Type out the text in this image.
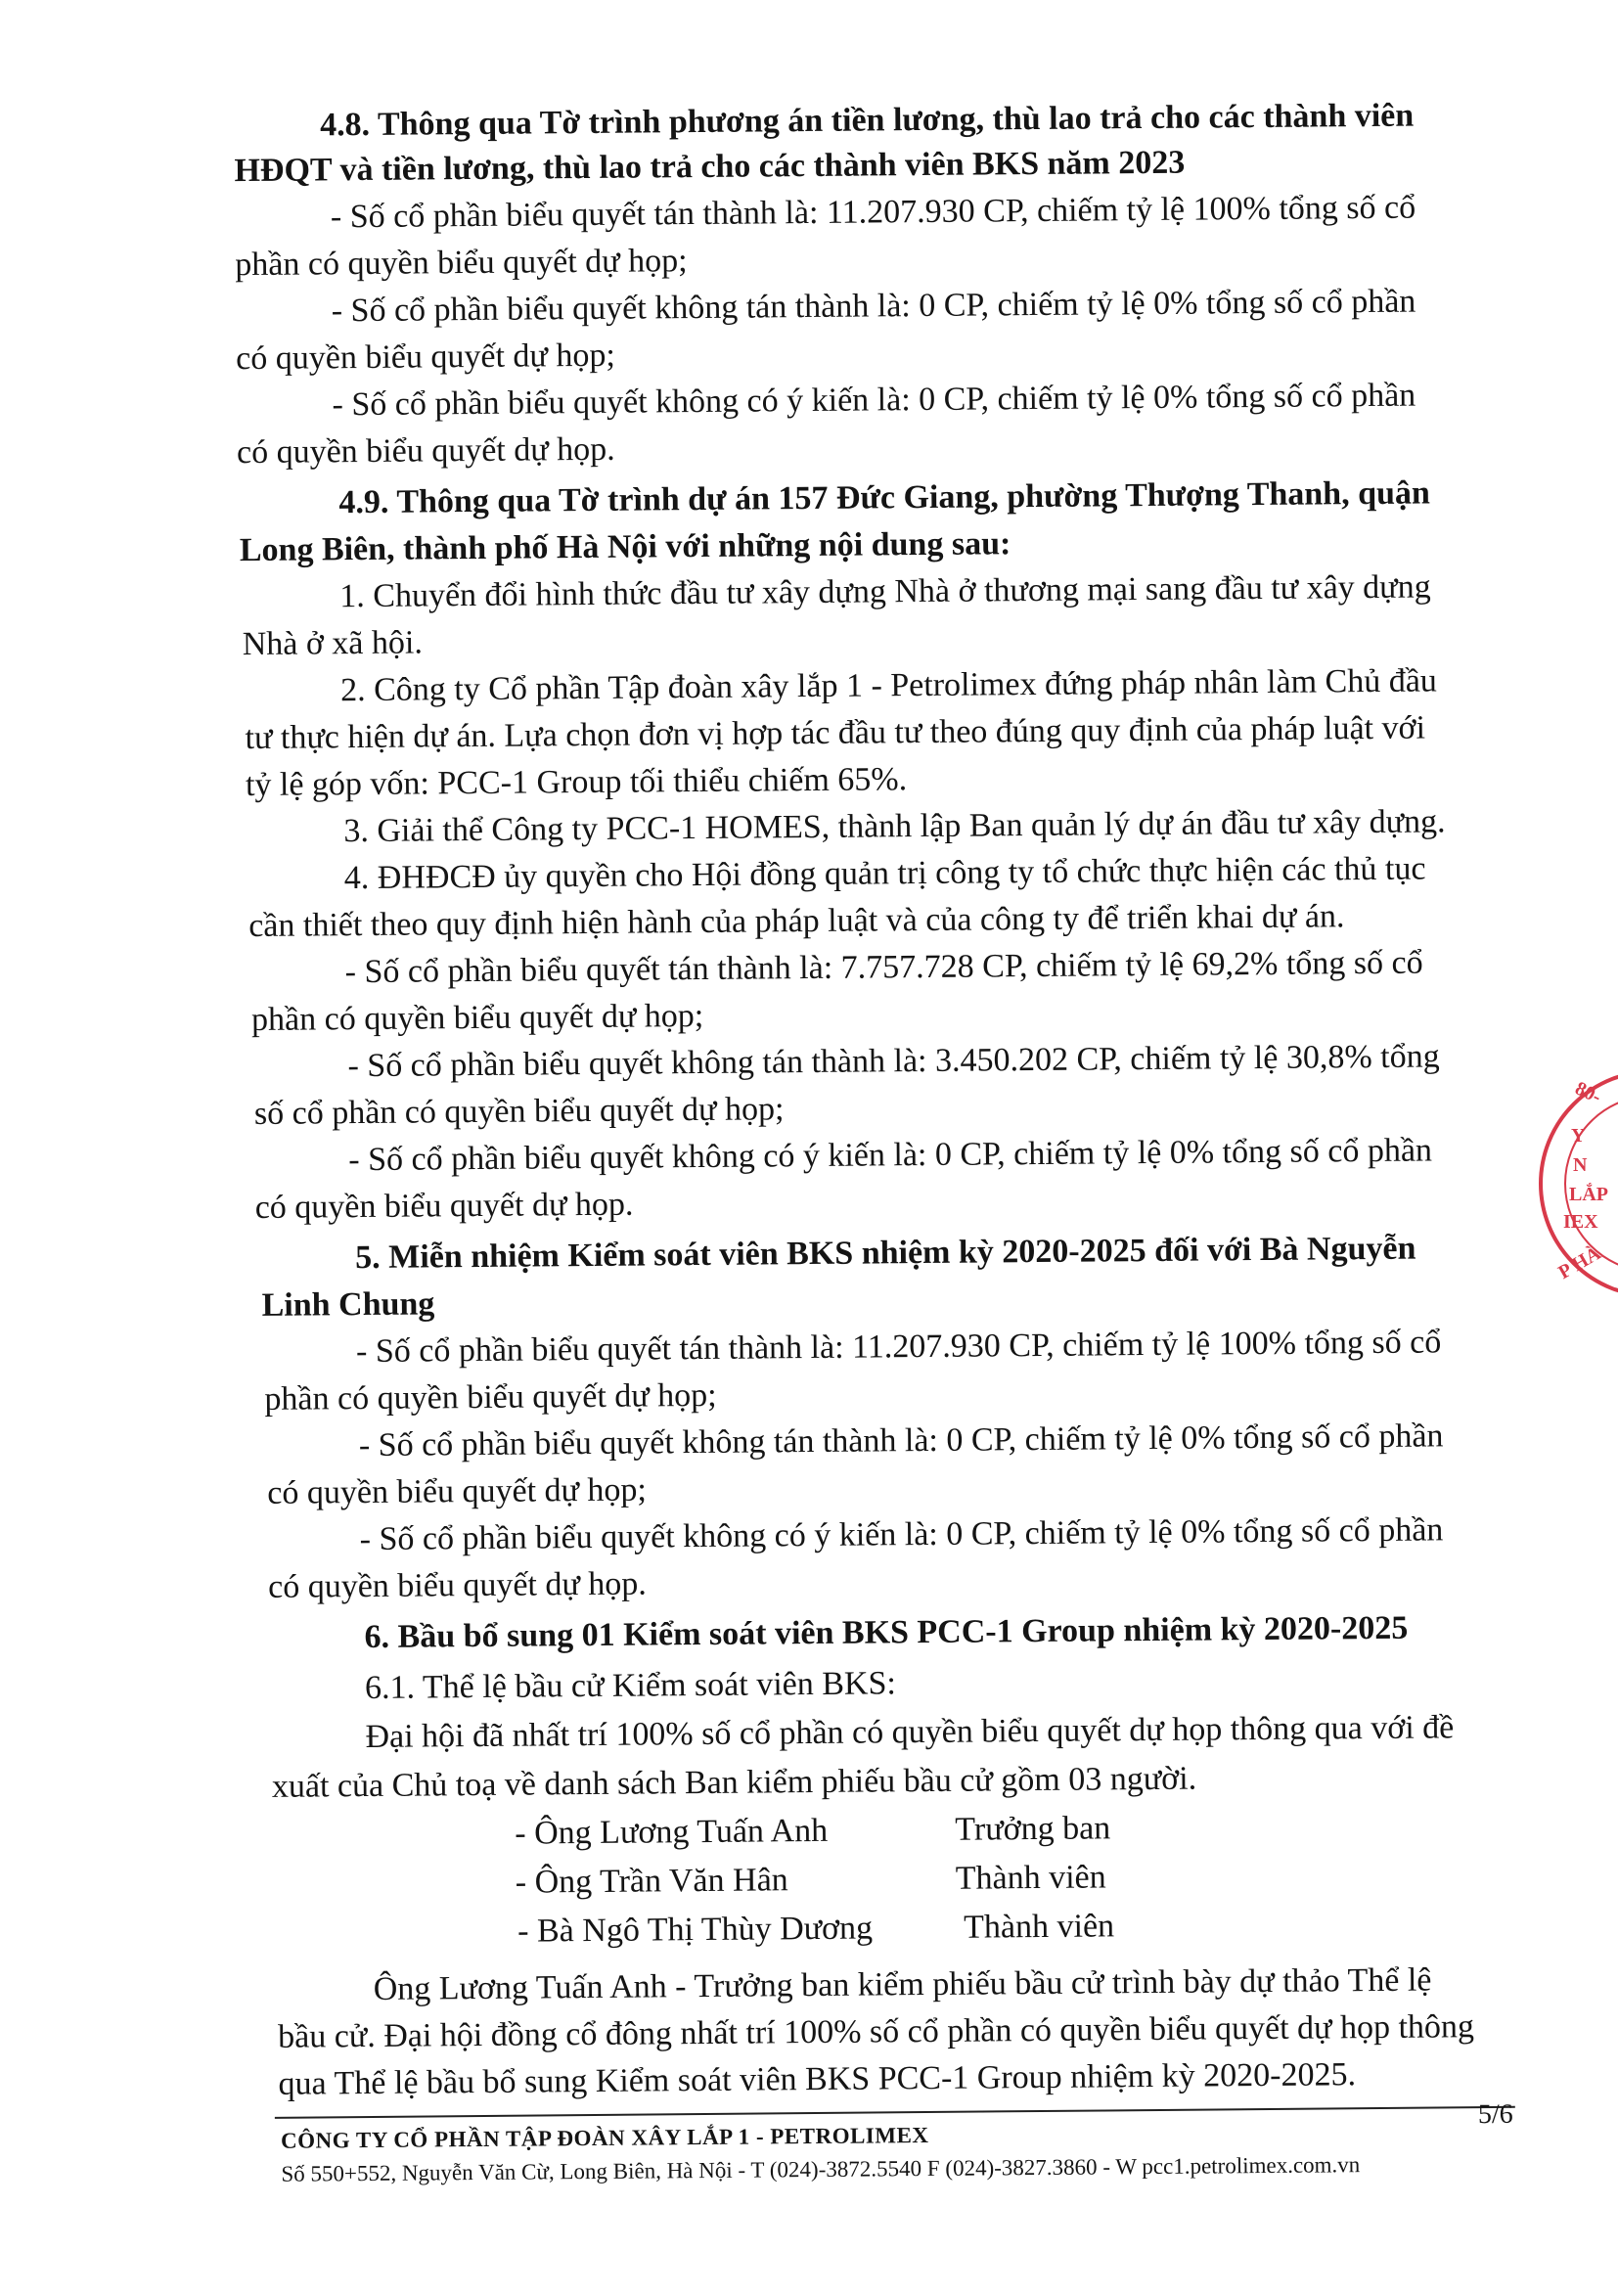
4.8. Thông qua Tờ trình phương án tiền lương, thù lao trả cho các thành viên
HĐQT và tiền lương, thù lao trả cho các thành viên BKS năm 2023
- Số cổ phần biểu quyết tán thành là: 11.207.930 CP, chiếm tỷ lệ 100% tổng số cổ
phần có quyền biểu quyết dự họp;
- Số cổ phần biểu quyết không tán thành là: 0 CP, chiếm tỷ lệ 0% tổng số cổ phần
có quyền biểu quyết dự họp;
- Số cổ phần biểu quyết không có ý kiến là: 0 CP, chiếm tỷ lệ 0% tổng số cổ phần
có quyền biểu quyết dự họp.
4.9. Thông qua Tờ trình dự án 157 Đức Giang, phường Thượng Thanh, quận
Long Biên, thành phố Hà Nội với những nội dung sau:
1. Chuyển đổi hình thức đầu tư xây dựng Nhà ở thương mại sang đầu tư xây dựng
Nhà ở xã hội.
2. Công ty Cổ phần Tập đoàn xây lắp 1 - Petrolimex đứng pháp nhân làm Chủ đầu
tư thực hiện dự án. Lựa chọn đơn vị hợp tác đầu tư theo đúng quy định của pháp luật với
tỷ lệ góp vốn: PCC-1 Group tối thiểu chiếm 65%.
3. Giải thể Công ty PCC-1 HOMES, thành lập Ban quản lý dự án đầu tư xây dựng.
4. ĐHĐCĐ ủy quyền cho Hội đồng quản trị công ty tổ chức thực hiện các thủ tục
cần thiết theo quy định hiện hành của pháp luật và của công ty để triển khai dự án.
- Số cổ phần biểu quyết tán thành là: 7.757.728 CP, chiếm tỷ lệ 69,2% tổng số cổ
phần có quyền biểu quyết dự họp;
- Số cổ phần biểu quyết không tán thành là: 3.450.202 CP, chiếm tỷ lệ 30,8% tổng
số cổ phần có quyền biểu quyết dự họp;
- Số cổ phần biểu quyết không có ý kiến là: 0 CP, chiếm tỷ lệ 0% tổng số cổ phần
có quyền biểu quyết dự họp.
5. Miễn nhiệm Kiểm soát viên BKS nhiệm kỳ 2020-2025 đối với Bà Nguyễn
Linh Chung
- Số cổ phần biểu quyết tán thành là: 11.207.930 CP, chiếm tỷ lệ 100% tổng số cổ
phần có quyền biểu quyết dự họp;
- Số cổ phần biểu quyết không tán thành là: 0 CP, chiếm tỷ lệ 0% tổng số cổ phần
có quyền biểu quyết dự họp;
- Số cổ phần biểu quyết không có ý kiến là: 0 CP, chiếm tỷ lệ 0% tổng số cổ phần
có quyền biểu quyết dự họp.
6. Bầu bổ sung 01 Kiểm soát viên BKS PCC-1 Group nhiệm kỳ 2020-2025
6.1. Thể lệ bầu cử Kiểm soát viên BKS:
Đại hội đã nhất trí 100% số cổ phần có quyền biểu quyết dự họp thông qua với đề
xuất của Chủ toạ về danh sách Ban kiểm phiếu bầu cử gồm 03 người.
- Ông Lương Tuấn Anh	Trưởng ban
- Ông Trần Văn Hân	Thành viên
- Bà Ngô Thị Thùy Dương	Thành viên
Ông Lương Tuấn Anh - Trưởng ban kiểm phiếu bầu cử trình bày dự thảo Thể lệ
bầu cử. Đại hội đồng cổ đông nhất trí 100% số cổ phần có quyền biểu quyết dự họp thông
qua Thể lệ bầu bổ sung Kiểm soát viên BKS PCC-1 Group nhiệm kỳ 2020-2025.
CÔNG TY CỔ PHẦN TẬP ĐOÀN XÂY LẮP 1 - PETROLIMEX
5/6
Số 550+552, Nguyễn Văn Cừ, Long Biên, Hà Nội - T (024)-3872.5540 F (024)-3827.3860 - W pcc1.petrolimex.com.vn
80-
Y
N
LẮP
IEX
P HÀ
